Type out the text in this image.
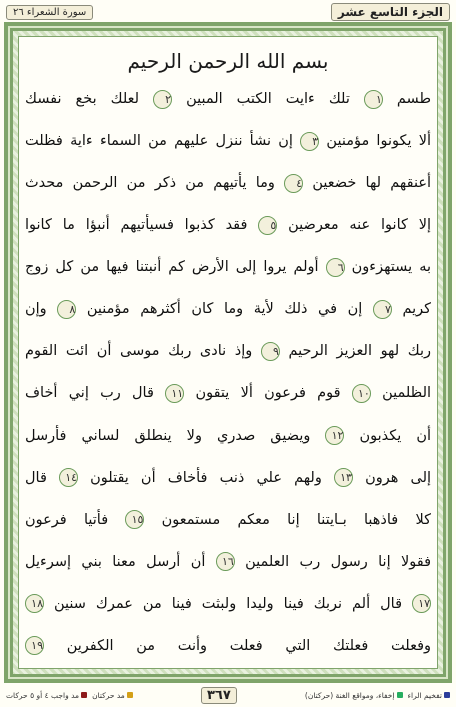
سورة الشعراء ٢٦	الجزء التاسع عشر
بسم الله الرحمن الرحيم
طسم ١ تلك ءايت الكتب المبين ٢ لعلك بخع نفسك
ألا يكونوا مؤمنين ٣ إن نشأ ننزل عليهم من السماء ءاية فظلت
أعنقهم لها خضعين ٤ وما يأتيهم من ذكر من الرحمن محدث
إلا كانوا عنه معرضين ٥ فقد كذبوا فسيأتيهم أنبؤا ما كانوا
به يستهزءون ٦ أولم يروا إلى الأرض كم أنبتنا فيها من كل زوج
كريم ٧ إن في ذلك لأية وما كان أكثرهم مؤمنين ٨ وإن
ربك لهو العزيز الرحيم ٩ وإذ نادى ربك موسى أن ائت القوم
الظلمين ١٠ قوم فرعون ألا يتقون ١١ قال رب إني أخاف
أن يكذبون ١٢ ويضيق صدري ولا ينطلق لساني فأرسل
إلى هرون ١٣ ولهم علي ذنب فأخاف أن يقتلون ١٤ قال
كلا فاذهبا بـايتنا إنا معكم مستمعون ١٥ فأتيا فرعون
فقولا إنا رسول رب العلمين ١٦ أن أرسل معنا بني إسرءيل
١٧ قال ألم نربك فينا وليدا ولبثت فينا من عمرك سنين ١٨
وفعلت فعلتك التي فعلت وأنت من الكفرين ١٩
مد واجب ٤ أو ٥ حركات مد حركتان	٣٦٧	إخفاء، ومواقع الغنة (حركتان) تفخيم الراء
